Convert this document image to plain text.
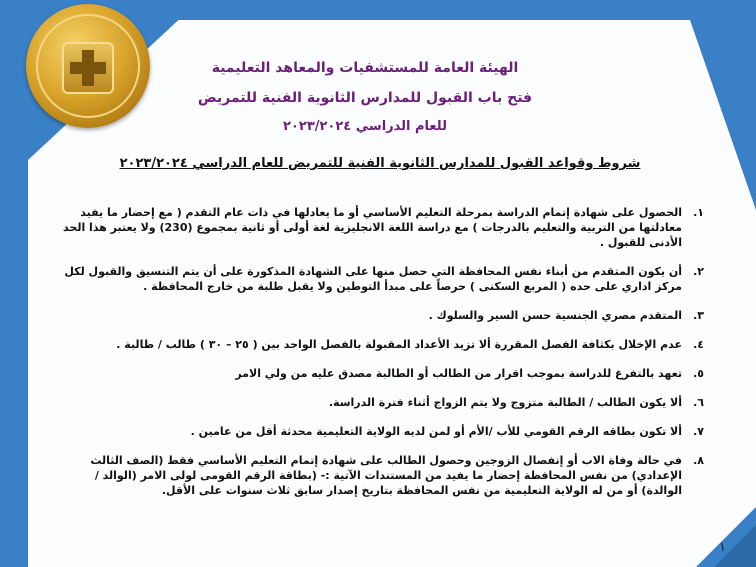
الهيئة العامة للمستشفيات والمعاهد التعليمية
فتح باب القبول للمدارس الثانوية الفنية للتمريض
للعام الدراسي ٢٠٢٣/٢٠٢٤
شروط وقواعد القبول للمدارس الثانوية الفنية للتمريض للعام الدراسي ٢٠٢٣/٢٠٢٤
١.
الحصول على شهادة إتمام الدراسة بمرحلة التعليم الأساسي أو ما يعادلها في ذات عام التقدم ( مع إحضار ما يفيد معادلتها من التربية والتعليم بالدرجات ) مع دراسة اللغة الانجليزية لغة أولى أو ثانية بمجموع (230) ولا يعتبر هذا الحد الأدنى للقبول .
٢.
أن يكون المتقدم من أبناء نفس المحافظة التي حصل منها على الشهادة المذكورة على أن يتم التنسيق والقبول لكل مركز اداري على حده ( المربع السكنى ) حرصاً على مبدأ التوطين ولا يقبل طلبة من خارج المحافظة .
٣.
المتقدم مصري الجنسية حسن السير والسلوك .
٤.
عدم الإخلال بكثافة الفصل المقررة ألا تزيد الأعداد المقبولة بالفصل الواحد بين ( ٢٥ – ٣٠ ) طالب / طالبة .
٥.
تعهد بالتفرغ للدراسة بموجب اقرار من الطالب أو الطالبة مصدق عليه من ولي الامر
٦.
ألا يكون الطالب / الطالبة متزوج ولا يتم الزواج أثناء فترة الدراسة.
٧.
ألا تكون بطاقه الرقم القومي للأب /الأم أو لمن لديه الولاية التعليمية محدثة أقل من عامين .
٨.
في حالة وفاة الاب أو إنفصال الزوجين وحصول الطالب على شهادة إتمام التعليم الأساسي فقط (الصف الثالث الإعدادي) من نفس المحافظة إحضار ما يفيد من المستندات الآتية :- (بطاقة الرقم القومى لولى الامر (الوالد / الوالدة) أو من له الولاية التعليمية من نفس المحافظة بتاريخ إصدار سابق ثلاث سنوات على الأقل.
١
